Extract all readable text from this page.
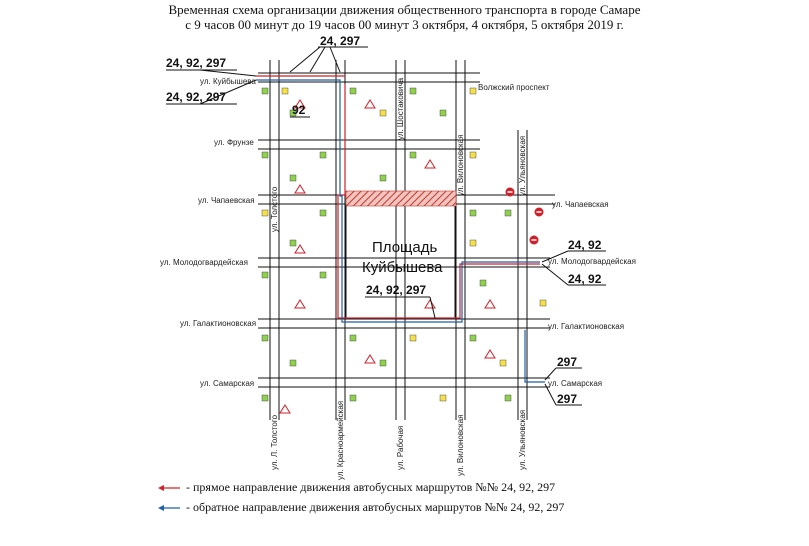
Временная схема организации движения общественного транспорта в городе Самаре
с 9 часов 00 минут до 19 часов 00 минут 3 октября, 4 октября, 5 октября 2019 г.
ул. Куйбышева
Волжский проспект
ул. Фрунзе
ул. Чапаевская	ул. Чапаевская
ул. Молодогвардейская	ул. Молодогвардейская
ул. Галактионовская	ул. Галактионовская
ул. Самарская	ул. Самарская
ул. Толстого
ул. Л. Толстого	ул. Красноармейская	ул. Рабочая
ул. Шостаковича
ул. Вилоновская
ул. Вилоновская
ул. Ульяновская
ул. Ульяновская
Площадь
Куйбышева
24, 297
24, 92, 297
24, 92, 297
92
24, 92, 297
24, 92
24, 92
297
297
- прямое направление движения автобусных маршрутов №№ 24, 92, 297
- обратное направление движения автобусных маршрутов №№ 24, 92, 297
